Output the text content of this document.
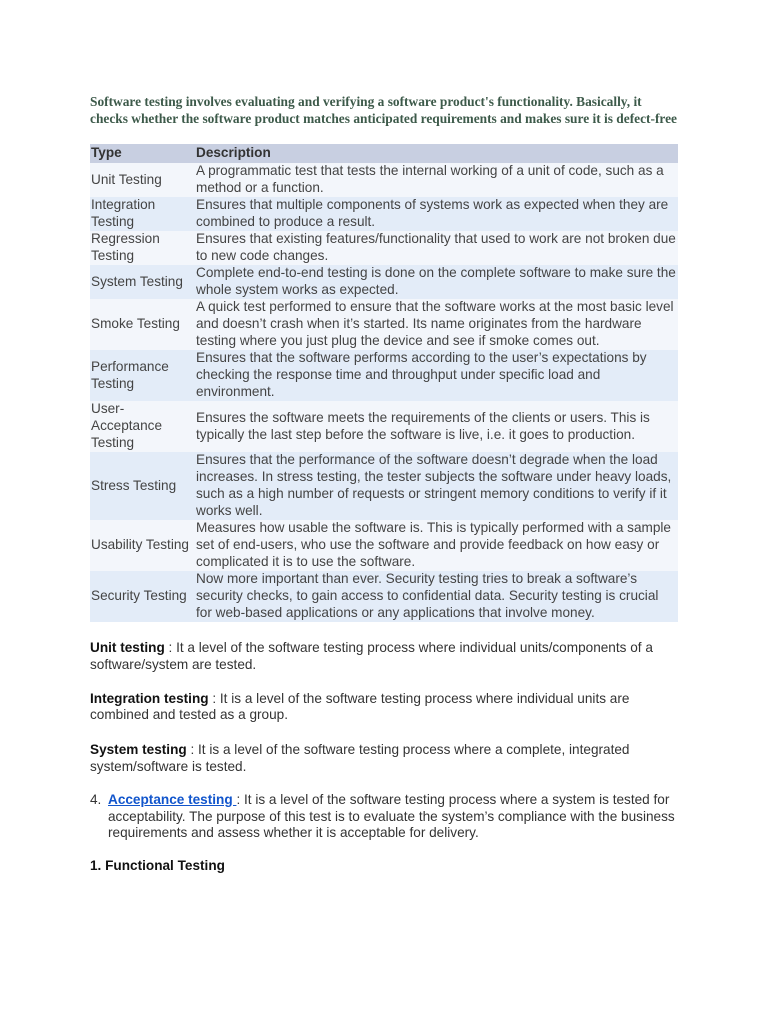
Software testing involves evaluating and verifying a software product's functionality. Basically, it checks whether the software product matches anticipated requirements and makes sure it is defect-free

Type	Description
Unit Testing	A programmatic test that tests the internal working of a unit of code, such as a method or a function.
Integration Testing	Ensures that multiple components of systems work as expected when they are combined to produce a result.
Regression Testing	Ensures that existing features/functionality that used to work are not broken due to new code changes.
System Testing	Complete end-to-end testing is done on the complete software to make sure the whole system works as expected.
Smoke Testing	A quick test performed to ensure that the software works at the most basic level and doesn’t crash when it’s started. Its name originates from the hardware testing where you just plug the device and see if smoke comes out.
Performance Testing	Ensures that the software performs according to the user’s expectations by checking the response time and throughput under specific load and environment.
User-Acceptance Testing	Ensures the software meets the requirements of the clients or users. This is typically the last step before the software is live, i.e. it goes to production.
Stress Testing	Ensures that the performance of the software doesn’t degrade when the load increases. In stress testing, the tester subjects the software under heavy loads, such as a high number of requests or stringent memory conditions to verify if it works well.
Usability Testing	Measures how usable the software is. This is typically performed with a sample set of end-users, who use the software and provide feedback on how easy or complicated it is to use the software.
Security Testing	Now more important than ever. Security testing tries to break a software’s security checks, to gain access to confidential data. Security testing is crucial for web-based applications or any applications that involve money.

Unit testing : It a level of the software testing process where individual units/components of a software/system are tested.

Integration testing : It is a level of the software testing process where individual units are combined and tested as a group.

System testing : It is a level of the software testing process where a complete, integrated system/software is tested.

4. Acceptance testing : It is a level of the software testing process where a system is tested for acceptability. The purpose of this test is to evaluate the system’s compliance with the business requirements and assess whether it is acceptable for delivery.
1. Functional Testing
